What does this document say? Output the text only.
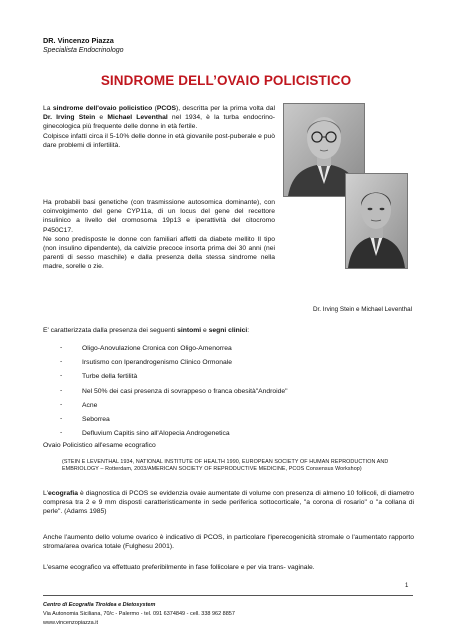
DR. Vincenzo Piazza
Specialista Endocrinologo
SINDROME DELL’OVAIO POLICISTICO
La sindrome dell'ovaio policistico (PCOS), descritta per la prima volta dal Dr. Irving Stein e Michael Leventhal nel 1934, è la turba endocrino-ginecologica più frequente delle donne in età fertile.
Colpisce infatti circa il 5-10% delle donne in età giovanile post-puberale e può dare problemi di infertilità.
Ha probabili basi genetiche (con trasmissione autosomica dominante), con coinvolgimento del gene CYP11a, di un locus del gene del recettore insulinico a livello del cromosoma 19p13 e iperattività del citocromo P450C17.
Ne sono predisposte le donne con familiari affetti da diabete mellito II tipo (non insulino dipendente), da calvizie precoce insorta prima dei 30 anni (nei parenti di sesso maschile) e dalla presenza della stessa sindrome nella madre, sorelle o zie.
Dr. Irving Stein e Michael Leventhal
E' caratterizzata dalla presenza dei seguenti sintomi e segni clinici:
-	Oligo-Anovulazione Cronica con Oligo-Amenorrea
-	Irsutismo con Iperandrogenismo Clinico Ormonale
-	Turbe della fertilità
-	Nel 50% dei casi presenza di sovrappeso o franca obesità"Androide"
-	Acne
-	Seborrea
-	Defluvium Capitis sino all'Alopecia Androgenetica
Ovaio Policistico all'esame ecografico
(STEIN E LEVENTHAL 1934, NATIONAL INSTITUTE OF HEALTH 1990, EUROPEAN SOCIETY OF HUMAN REPRODUCTION AND EMBRIOLOGY – Rotterdam, 2003/AMERICAN SOCIETY OF REPRODUCTIVE MEDICINE, PCOS Consensus Workshop)
L'ecografia è diagnostica di PCOS se evidenzia ovaie aumentate di volume con presenza di almeno 10 follicoli, di diametro compresa tra 2 e 9 mm disposti caratteristicamente in sede periferica sottocorticale, "a corona di rosario" o "a collana di perle". (Adams 1985)
Anche l'aumento dello volume ovarico è indicativo di PCOS, in particolare l'iperecogenicità stromale o l'aumentato rapporto stroma/area ovarica totale (Fulghesu 2001).
L'esame ecografico va effettuato preferibilmente in fase follicolare e per via trans- vaginale.
1
Centro di Ecografia Tiroidea e Dietosystem
Via Autonomia Siciliana, 70/c - Palermo - tel. 091 6374849 - cell. 338 962 8857
www.vincenzopiazza.it
